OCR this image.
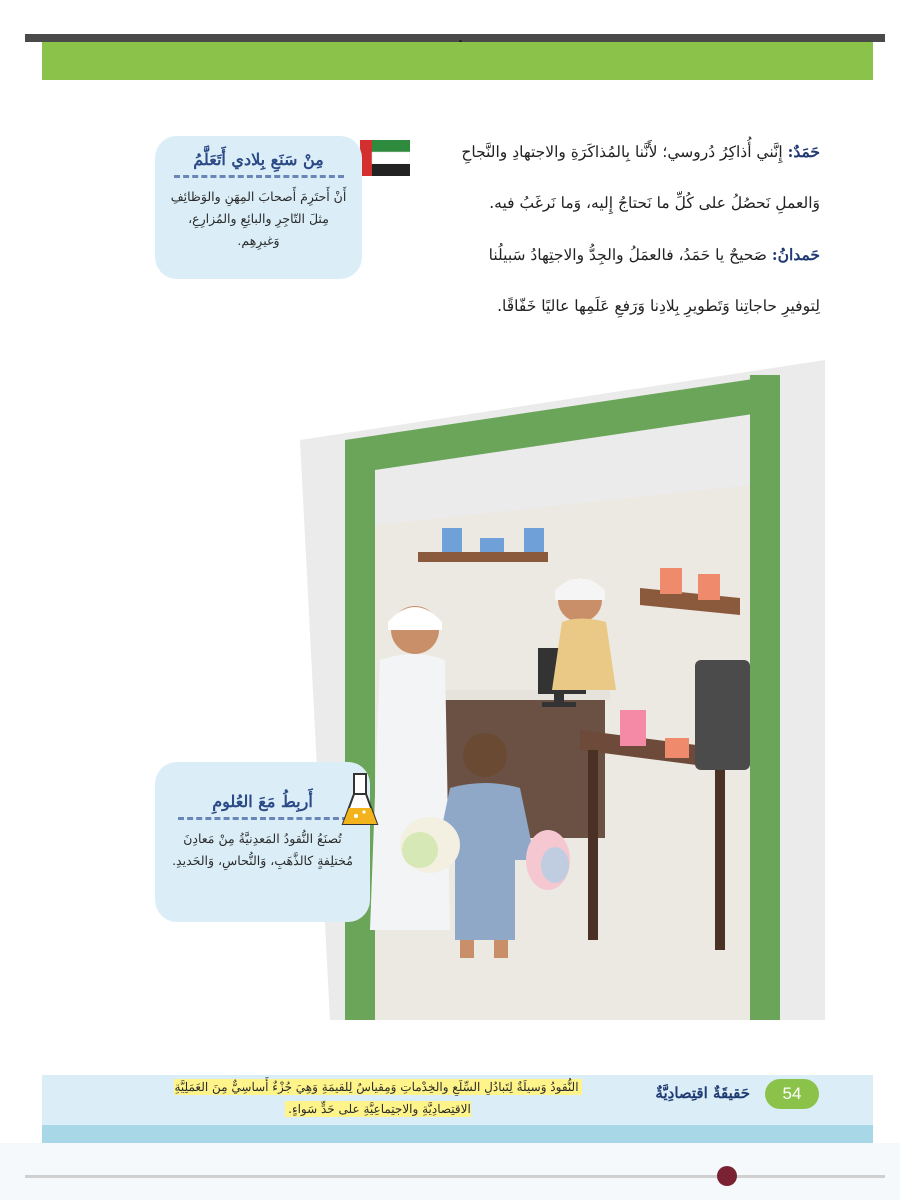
حَمَدٌ: إِنَّني أُذاكِرُ دُروسي؛ لأَنَّنا بِالمُذاكَرَةِ والاجتهادِ والنَّجاحِ

وَالعملِ نَحصُلُ على كُلِّ ما نَحتاجُ إِليه، وَما نَرغَبُ فيه.

حَمدانُ: صَحيحٌ يا حَمَدُ، فالعمَلُ والجِدُّ والاجتِهادُ سَبيلُنا

لِتوفيرِ حاجاتِنا وَتَطويرِ بِلادِنا وَرَفعِ عَلَمِها عاليًا خَفّاقًا.

مِنْ سَنَعِ بِلادي أَتَعَلَّمُ
أَنْ أَحتَرِمَ أَصحابَ المِهَنِ والوَظائِفِ مِثلَ التّاجِرِ والبائِعِ والمُزارِعِ، وَغيرِهِم.
أَربِطُ مَعَ العُلومِ
تُصنَعُ النُّقودُ المَعدِنيَّةُ مِنْ مَعادِنَ مُختلِفةٍ كالذَّهَبِ، وَالنُّحاسِ، وَالحَديدِ.
54
حَقيقَةٌ اقتِصادِيَّةٌ
النُّقودُ وَسيلَةٌ لِتَبادُلِ السِّلَعِ والخِدْماتِ وَمِقياسٌ لِلقيمَةِ وَهِيَ جُزْءٌ أَساسِيٌّ مِنَ العَمَلِيَّةِ الاقتِصادِيَّةِ والاجتِماعِيَّةِ على حَدٍّ سَواءٍ.
